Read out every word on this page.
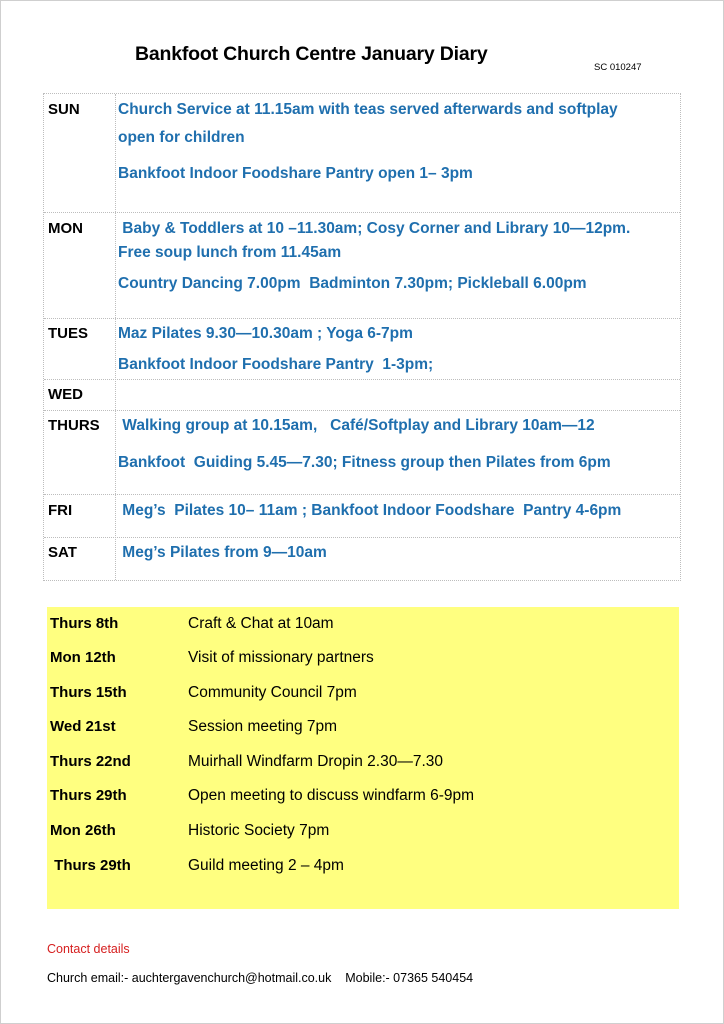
Bankfoot Church Centre January Diary
SC 010247
SUN Church Service at 11.15am with teas served afterwards and softplay
open for children
Bankfoot Indoor Foodshare Pantry open 1– 3pm
MON Baby & Toddlers at 10 –11.30am; Cosy Corner and Library 10—12pm.
Free soup lunch from 11.45am
Country Dancing 7.00pm  Badminton 7.30pm; Pickleball 6.00pm
TUES Maz Pilates 9.30—10.30am ; Yoga 6-7pm
Bankfoot Indoor Foodshare Pantry  1-3pm;
WED
THURS Walking group at 10.15am,   Café/Softplay and Library 10am—12
Bankfoot  Guiding 5.45—7.30; Fitness group then Pilates from 6pm
FRI	Meg’s  Pilates 10– 11am ; Bankfoot Indoor Foodshare  Pantry 4-6pm
SAT	Meg’s Pilates from 9—10am
Thurs 8th	Craft & Chat at 10am
Mon 12th	Visit of missionary partners
Thurs 15th	Community Council 7pm
Wed 21st	Session meeting 7pm
Thurs 22nd	Muirhall Windfarm Dropin 2.30—7.30
Thurs 29th	Open meeting to discuss windfarm 6-9pm
Mon 26th	Historic Society 7pm
Thurs 29th	Guild meeting 2 – 4pm
Contact details
Church email:- auchtergavenchurch@hotmail.co.uk    Mobile:- 07365 540454
